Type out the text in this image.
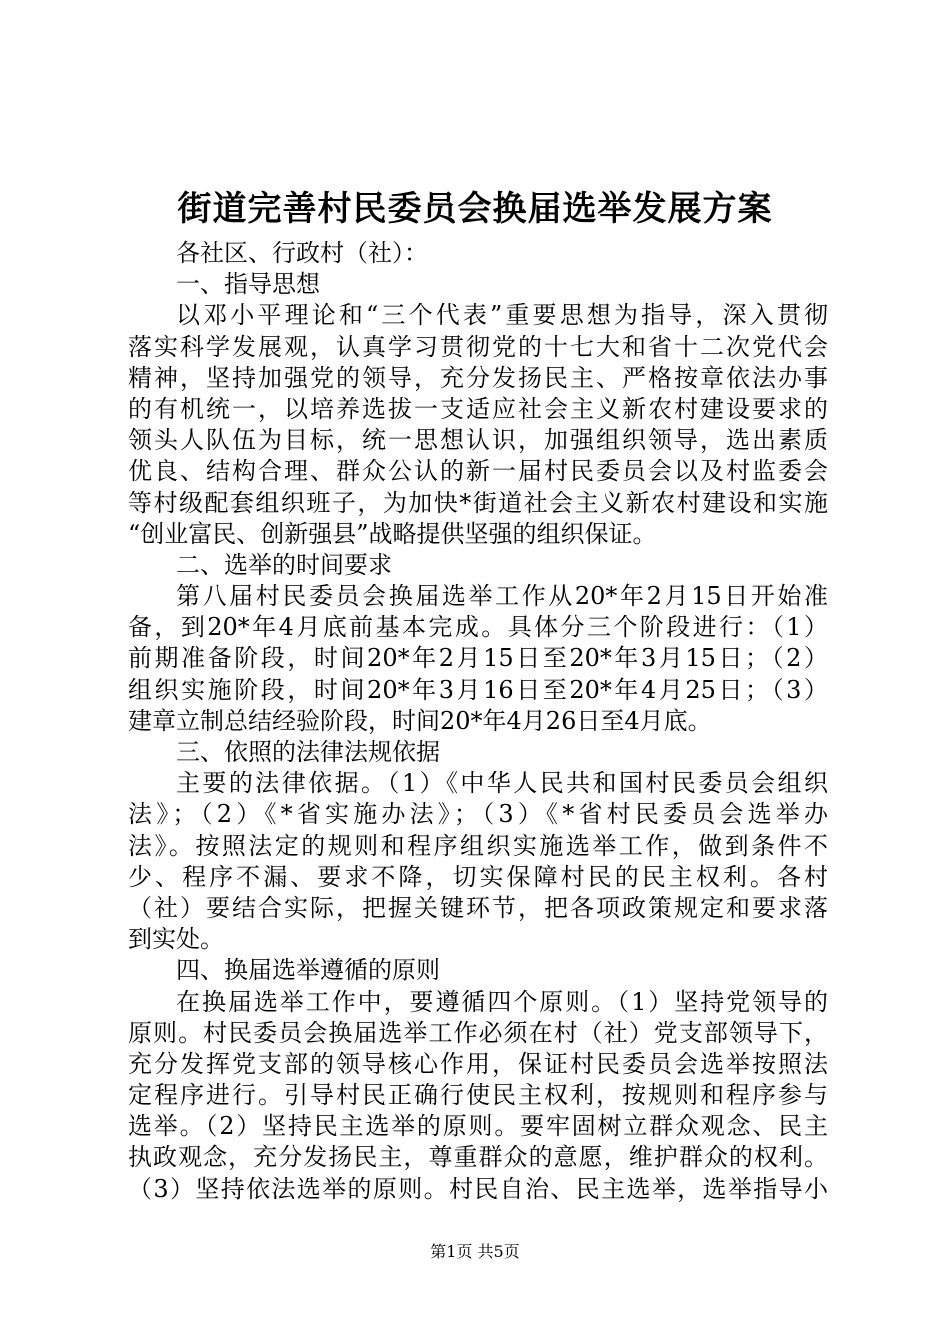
街道完善村民委员会换届选举发展方案
各社区、行政村（社）：
一、指导思想
以邓小平理论和“三个代表”重要思想为指导，深入贯彻
落实科学发展观，认真学习贯彻党的十七大和省十二次党代会
精神，坚持加强党的领导，充分发扬民主、严格按章依法办事
的有机统一，以培养选拔一支适应社会主义新农村建设要求的
领头人队伍为目标，统一思想认识，加强组织领导，选出素质
优良、结构合理、群众公认的新一届村民委员会以及村监委会
等村级配套组织班子，为加快*街道社会主义新农村建设和实施
“创业富民、创新强县”战略提供坚强的组织保证。
二、选举的时间要求
第八届村民委员会换届选举工作从20*年2月15日开始准
备，到20*年4月底前基本完成。具体分三个阶段进行：（1）
前期准备阶段，时间20*年2月15日至20*年3月15日；（2）
组织实施阶段，时间20*年3月16日至20*年4月25日；（3）
建章立制总结经验阶段，时间20*年4月26日至4月底。
三、依照的法律法规依据
主要的法律依据。（1）《中华人民共和国村民委员会组织
法》；（2）《*省实施办法》；（3）《*省村民委员会选举办
法》。按照法定的规则和程序组织实施选举工作，做到条件不
少、程序不漏、要求不降，切实保障村民的民主权利。各村
（社）要结合实际，把握关键环节，把各项政策规定和要求落
到实处。
四、换届选举遵循的原则
在换届选举工作中，要遵循四个原则。（1）坚持党领导的
原则。村民委员会换届选举工作必须在村（社）党支部领导下，
充分发挥党支部的领导核心作用，保证村民委员会选举按照法
定程序进行。引导村民正确行使民主权利，按规则和程序参与
选举。（2）坚持民主选举的原则。要牢固树立群众观念、民主
执政观念，充分发扬民主，尊重群众的意愿，维护群众的权利。
（3）坚持依法选举的原则。村民自治、民主选举，选举指导小
第1页 共5页
